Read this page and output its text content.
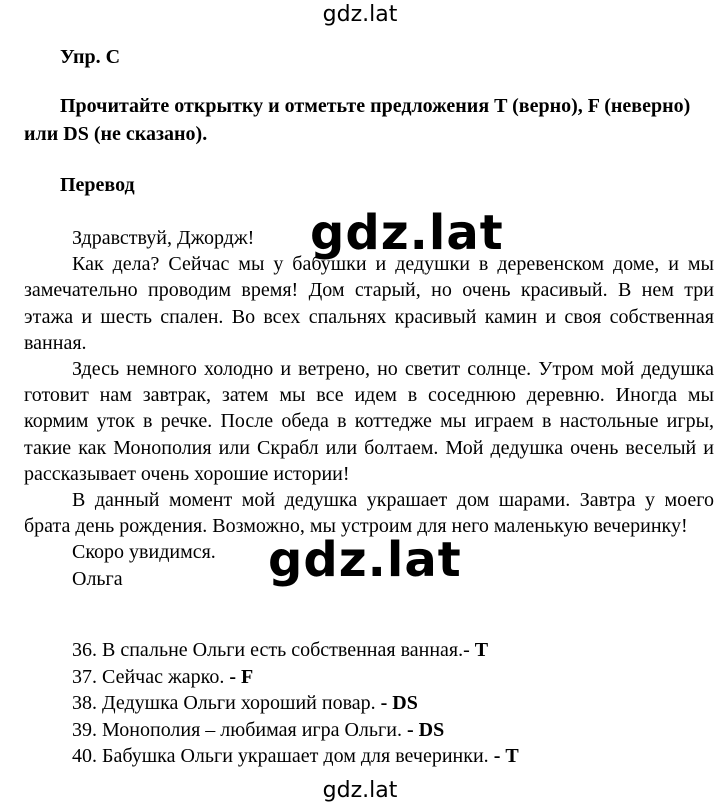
gdz.lat
Упр. C
Прочитайте открытку и отметьте предложения T (верно), F (неверно) или DS (не сказано).
Перевод

Здравствуй, Джордж!

Как дела? Сейчас мы у бабушки и дедушки в деревенском доме, и мы замечательно проводим время! Дом старый, но очень красивый. В нем три этажа и шесть спален. Во всех спальнях красивый камин и своя собственная ванная.

Здесь немного холодно и ветрено, но светит солнце. Утром мой дедушка готовит нам завтрак, затем мы все идем в соседнюю деревню. Иногда мы кормим уток в речке. После обеда в коттедже мы играем в настольные игры, такие как Монополия или Скрабл или болтаем. Мой дедушка очень веселый и рассказывает очень хорошие истории!

В данный момент мой дедушка украшает дом шарами. Завтра у моего брата день рождения. Возможно, мы устроим для него маленькую вечеринку!

Скоро увидимся.

Ольга

36. В спальне Ольги есть собственная ванная.- T
37. Сейчас жарко. - F
38. Дедушка Ольги хороший повар. - DS
39. Монополия – любимая игра Ольги. - DS
40. Бабушка Ольги украшает дом для вечеринки. - T
gdz.lat
gdz.lat
gdz.lat
